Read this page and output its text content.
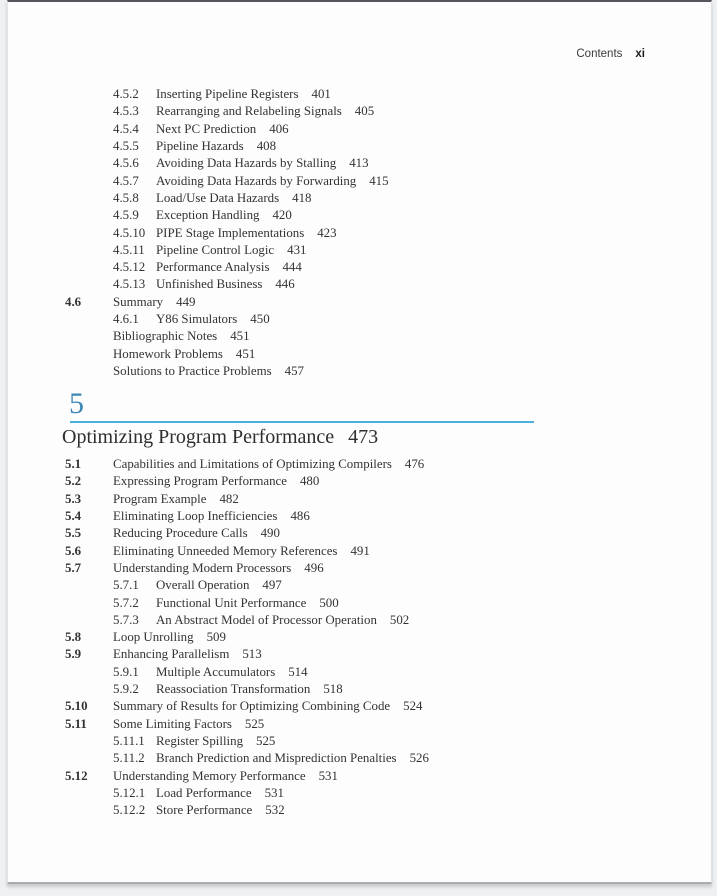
Contents xi
4.5.2 Inserting Pipeline Registers 401
4.5.3 Rearranging and Relabeling Signals 405
4.5.4 Next PC Prediction 406
4.5.5 Pipeline Hazards 408
4.5.6 Avoiding Data Hazards by Stalling 413
4.5.7 Avoiding Data Hazards by Forwarding 415
4.5.8 Load/Use Data Hazards 418
4.5.9 Exception Handling 420
4.5.10 PIPE Stage Implementations 423
4.5.11 Pipeline Control Logic 431
4.5.12 Performance Analysis 444
4.5.13 Unfinished Business 446
4.6 Summary 449
4.6.1 Y86 Simulators 450
Bibliographic Notes 451
Homework Problems 451
Solutions to Practice Problems 457
5
Optimizing Program Performance 473
5.1 Capabilities and Limitations of Optimizing Compilers 476
5.2 Expressing Program Performance 480
5.3 Program Example 482
5.4 Eliminating Loop Inefficiencies 486
5.5 Reducing Procedure Calls 490
5.6 Eliminating Unneeded Memory References 491
5.7 Understanding Modern Processors 496
5.7.1 Overall Operation 497
5.7.2 Functional Unit Performance 500
5.7.3 An Abstract Model of Processor Operation 502
5.8 Loop Unrolling 509
5.9 Enhancing Parallelism 513
5.9.1 Multiple Accumulators 514
5.9.2 Reassociation Transformation 518
5.10 Summary of Results for Optimizing Combining Code 524
5.11 Some Limiting Factors 525
5.11.1 Register Spilling 525
5.11.2 Branch Prediction and Misprediction Penalties 526
5.12 Understanding Memory Performance 531
5.12.1 Load Performance 531
5.12.2 Store Performance 532
